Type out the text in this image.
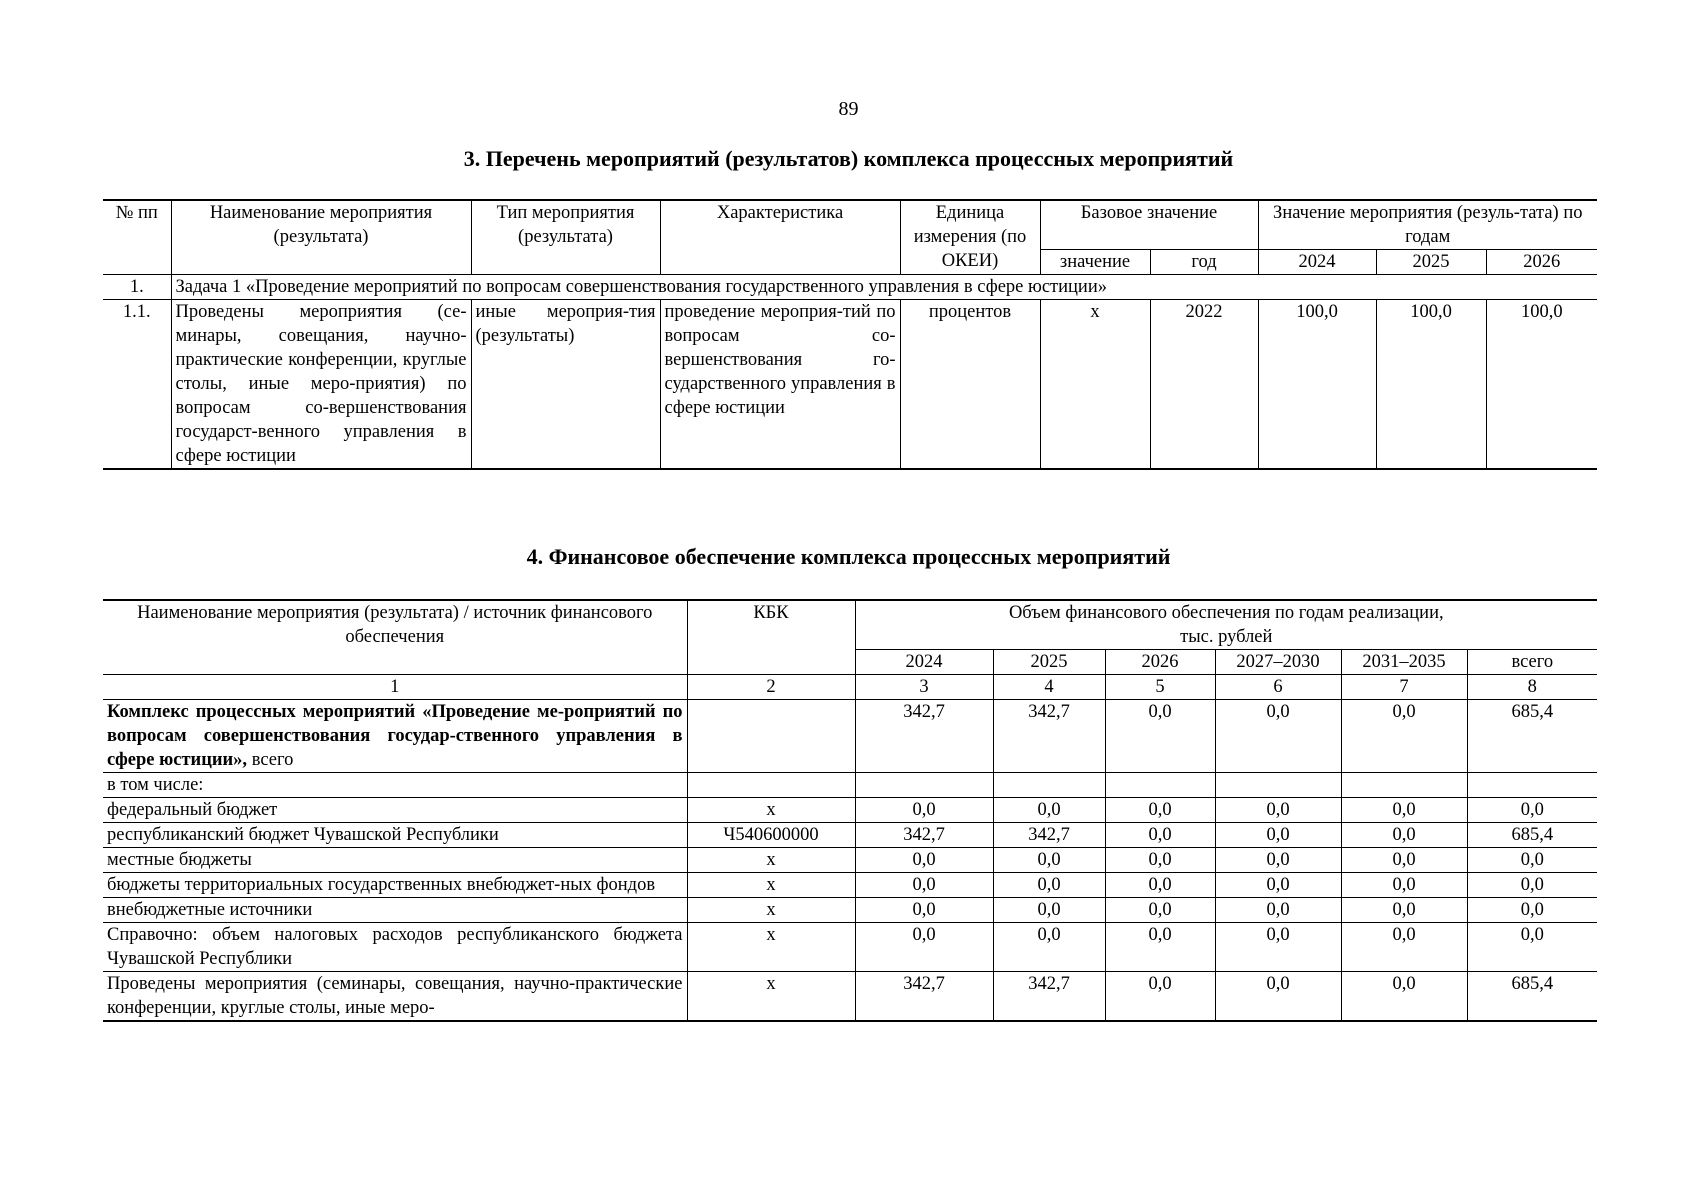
89
3. Перечень мероприятий (результатов) комплекса процессных мероприятий
№ пп	Наименование мероприятия (результата)	Тип мероприятия (результата)	Характеристика	Единица измерения (по ОКЕИ)	Базовое значение		Значение мероприятия (резуль-тата) по годам		
					значение	год	2024	2025	2026
1.	Задача 1 «Проведение мероприятий по вопросам совершенствования государственного управления в сфере юстиции»								
1.1.	Проведены мероприятия (се-минары, совещания, научно-практические конференции, круглые столы, иные меро-приятия) по вопросам со-вершенствования государст-венного управления в сфере юстиции	иные мероприя-тия (результаты)	проведение мероприя-тий по вопросам со-вершенствования го-сударственного управления в сфере юстиции	процентов	x	2022	100,0	100,0	100,0
4. Финансовое обеспечение комплекса процессных мероприятий
Наименование мероприятия (результата) / источник финансового обеспечения	КБК	Объем финансового обеспечения по годам реализации, тыс. рублей					
		2024	2025	2026	2027–2030	2031–2035	всего
1	2	3	4	5	6	7	8
Комплекс процессных мероприятий «Проведение ме-роприятий по вопросам совершенствования государ-ственного управления в сфере юстиции», всего		342,7	342,7	0,0	0,0	0,0	685,4
в том числе:							
федеральный бюджет	x	0,0	0,0	0,0	0,0	0,0	0,0
республиканский бюджет Чувашской Республики	Ч540600000	342,7	342,7	0,0	0,0	0,0	685,4
местные бюджеты	x	0,0	0,0	0,0	0,0	0,0	0,0
бюджеты территориальных государственных внебюджет-ных фондов	x	0,0	0,0	0,0	0,0	0,0	0,0
внебюджетные источники	x	0,0	0,0	0,0	0,0	0,0	0,0
Справочно: объем налоговых расходов республиканского бюджета Чувашской Республики	x	0,0	0,0	0,0	0,0	0,0	0,0
Проведены мероприятия (семинары, совещания, научно-практические конференции, круглые столы, иные меро-	x	342,7	342,7	0,0	0,0	0,0	685,4
